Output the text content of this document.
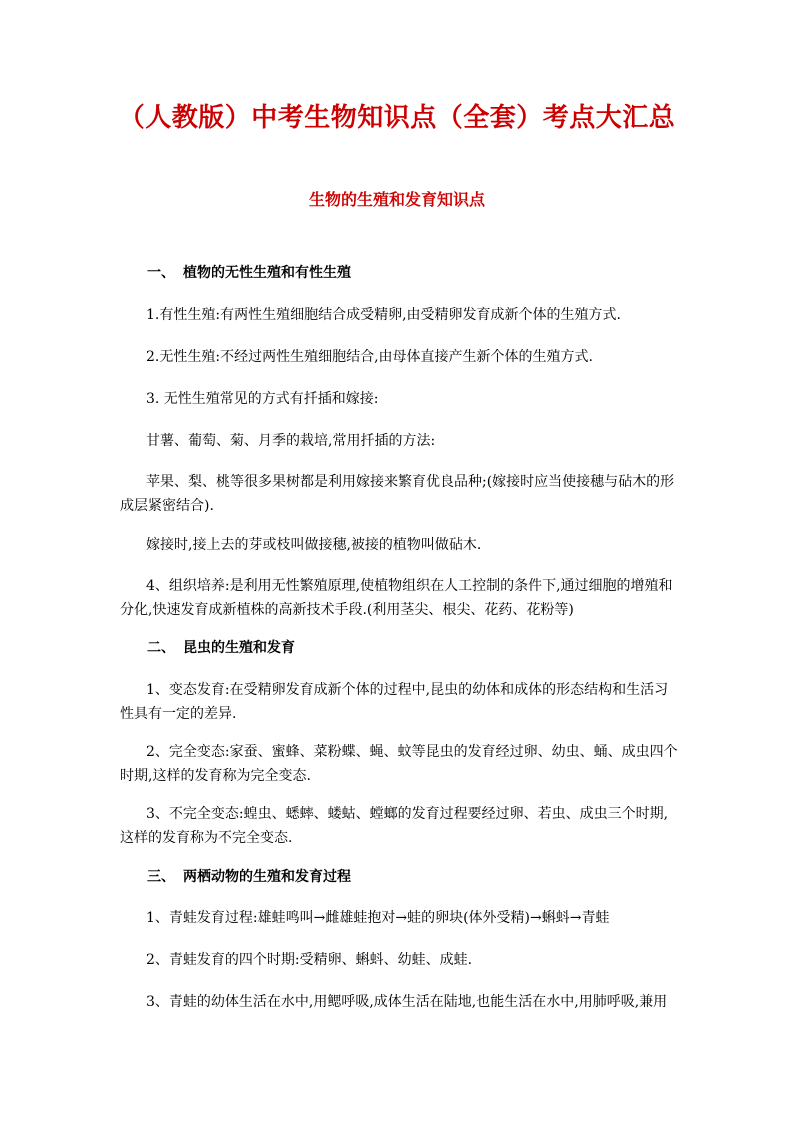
（人教版）中考生物知识点（全套）考点大汇总
生物的生殖和发育知识点
一、 植物的无性生殖和有性生殖
1.有性生殖:有两性生殖细胞结合成受精卵,由受精卵发育成新个体的生殖方式.
2.无性生殖:不经过两性生殖细胞结合,由母体直接产生新个体的生殖方式.
3. 无性生殖常见的方式有扦插和嫁接:
甘薯、葡萄、菊、月季的栽培,常用扦插的方法:
苹果、梨、桃等很多果树都是利用嫁接来繁育优良品种;(嫁接时应当使接穗与砧木的形成层紧密结合).
嫁接时,接上去的芽或枝叫做接穗,被接的植物叫做砧木.
4、组织培养:是利用无性繁殖原理,使植物组织在人工控制的条件下,通过细胞的增殖和分化,快速发育成新植株的高新技术手段.(利用茎尖、根尖、花药、花粉等)
二、 昆虫的生殖和发育
1、变态发育:在受精卵发育成新个体的过程中,昆虫的幼体和成体的形态结构和生活习性具有一定的差异.
2、完全变态:家蚕、蜜蜂、菜粉蝶、蝇、蚊等昆虫的发育经过卵、幼虫、蛹、成虫四个时期,这样的发育称为完全变态.
3、不完全变态:蝗虫、蟋蟀、蝼蛄、螳螂的发育过程要经过卵、若虫、成虫三个时期,这样的发育称为不完全变态.
三、 两栖动物的生殖和发育过程
1、青蛙发育过程:雄蛙鸣叫→雌雄蛙抱对→蛙的卵块(体外受精)→蝌蚪→青蛙
2、青蛙发育的四个时期:受精卵、蝌蚪、幼蛙、成蛙.
3、青蛙的幼体生活在水中,用鳃呼吸,成体生活在陆地,也能生活在水中,用肺呼吸,兼用
